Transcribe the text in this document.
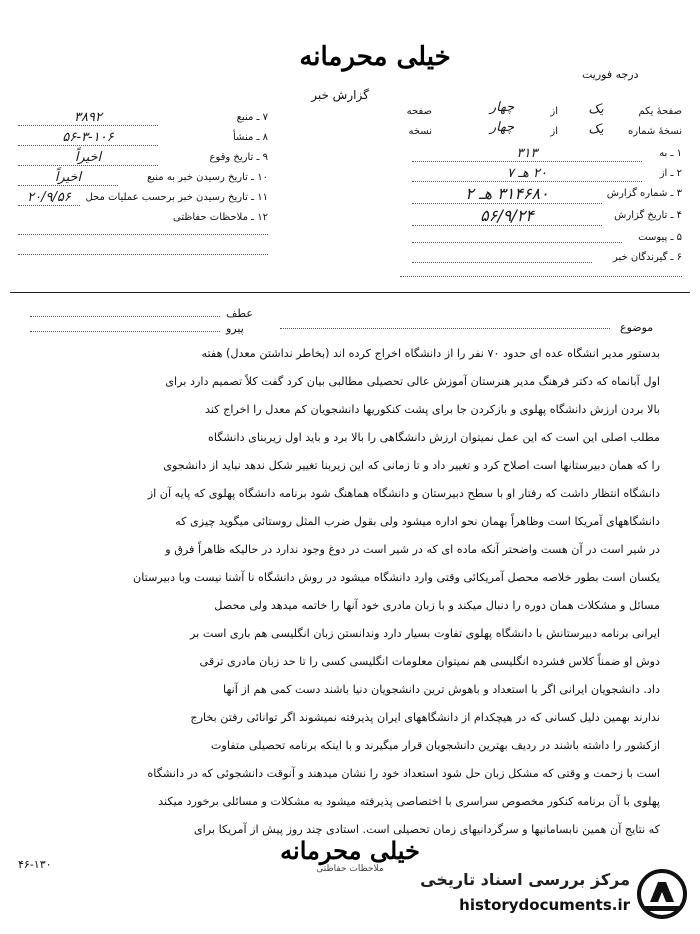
خیلی محرمانه
گزارش خبر
درجه فوریت
۷ ـ منبع
۳۸۹۲
۸ ـ منشأ
۵۶-۳-۱۰۶
۹ ـ تاریخ وقوع
اخیراً
۱۰ ـ تاریخ رسیدن خبر به منبع
اخیراً
۱۱ ـ تاریخ رسیدن خبر برحسب عملیات محل
۲۰/۹/۵۶
۱۲ ـ ملاحظات حفاظتی
صفحهٔ یکم
یک
از
چهار
صفحه
نسخهٔ شماره
یک
از
چهار
نسخه
۱ ـ به
۳۱۳
۲ ـ از
۲۰ هـ ۷
۳ ـ شماره گزارش
۳۱۴۶۸۰ هـ ۲
۴ ـ تاریخ گزارش
۵۶/۹/۲۴
۵ ـ پیوست
۶ ـ گیرندگان خبر
موضوع
عطف
پیرو
بدستور مدیر انشگاه عده ای حدود ۷۰ نفر را از دانشگاه اخراج کرده اند (بخاطر نداشتن معدل) هفته
اول آبانماه که دکتر فرهنگ مدیر هنرستان آموزش عالی تحصیلی مطالبی بیان کرد گفت کلاً تصمیم دارد برای
بالا بردن ارزش دانشگاه پهلوی و بازکردن جا برای پشت کنکوریها دانشجویان کم معدل را اخراج کند
مطلب اصلی این است که این عمل نمیتوان ارزش دانشگاهی را بالا برد و باید اول زیربنای دانشگاه
را که همان دبیرستانها است اصلاح کرد و تغییر داد و تا زمانی که این زیربنا تغییر شکل ندهد نباید از دانشجوی
دانشگاه انتظار داشت که رفتار او با سطح دبیرستان و دانشگاه هماهنگ شود برنامه دانشگاه پهلوی که پایه آن از
دانشگاههای آمریکا است وظاهراً بهمان نحو اداره میشود ولی بقول ضرب المثل روستائی میگوید چیزی که
در شیر است در آن هست واضحتر آنکه ماده ای که در شیر است در دوغ وجود ندارد در حالیکه ظاهراً فرق و
یکسان است بطور خلاصه محصل آمریکائی وقتی وارد دانشگاه میشود در روش دانشگاه نا آشنا نیست وبا دبیرستان
مسائل و مشکلات همان دوره را دنبال میکند و با زبان مادری خود آنها را خاتمه میدهد ولی محصل
ایرانی برنامه دبیرستانش با دانشگاه پهلوی تفاوت بسیار دارد وندانستن زبان انگلیسی هم باری است بر
دوش او ضمناً کلاس فشرده انگلیسی هم نمیتوان معلومات انگلیسی کسی را تا حد زبان مادری ترقی
داد. دانشجویان ایرانی اگر با استعداد و باهوش ترین دانشجویان دنیا باشند دست کمی هم از آنها
ندارند بهمین دلیل کسانی که در هیچکدام از دانشگاههای ایران پذیرفته نمیشوند اگر توانائی رفتن بخارج
ازکشور را داشته باشند در ردیف بهترین دانشجویان قرار میگیرند و با اینکه برنامه تحصیلی متفاوت
است با زحمت و وقتی که مشکل زبان حل شود استعداد خود را نشان میدهند و آنوقت دانشجوئی که در دانشگاه
پهلوی با آن برنامه کنکور مخصوص سراسری با اختصاصی پذیرفته میشود به مشکلات و مسائلی برخورد میکند
که نتایج آن همین نابسامانیها و سرگردانیهای زمان تحصیلی است. استادی چند روز پیش از آمریکا برای
خیلی محرمانه
ملاحظات حفاظتی
۴۶-۱۳۰
مرکز بررسی اسناد تاریخی
historydocuments.ir
